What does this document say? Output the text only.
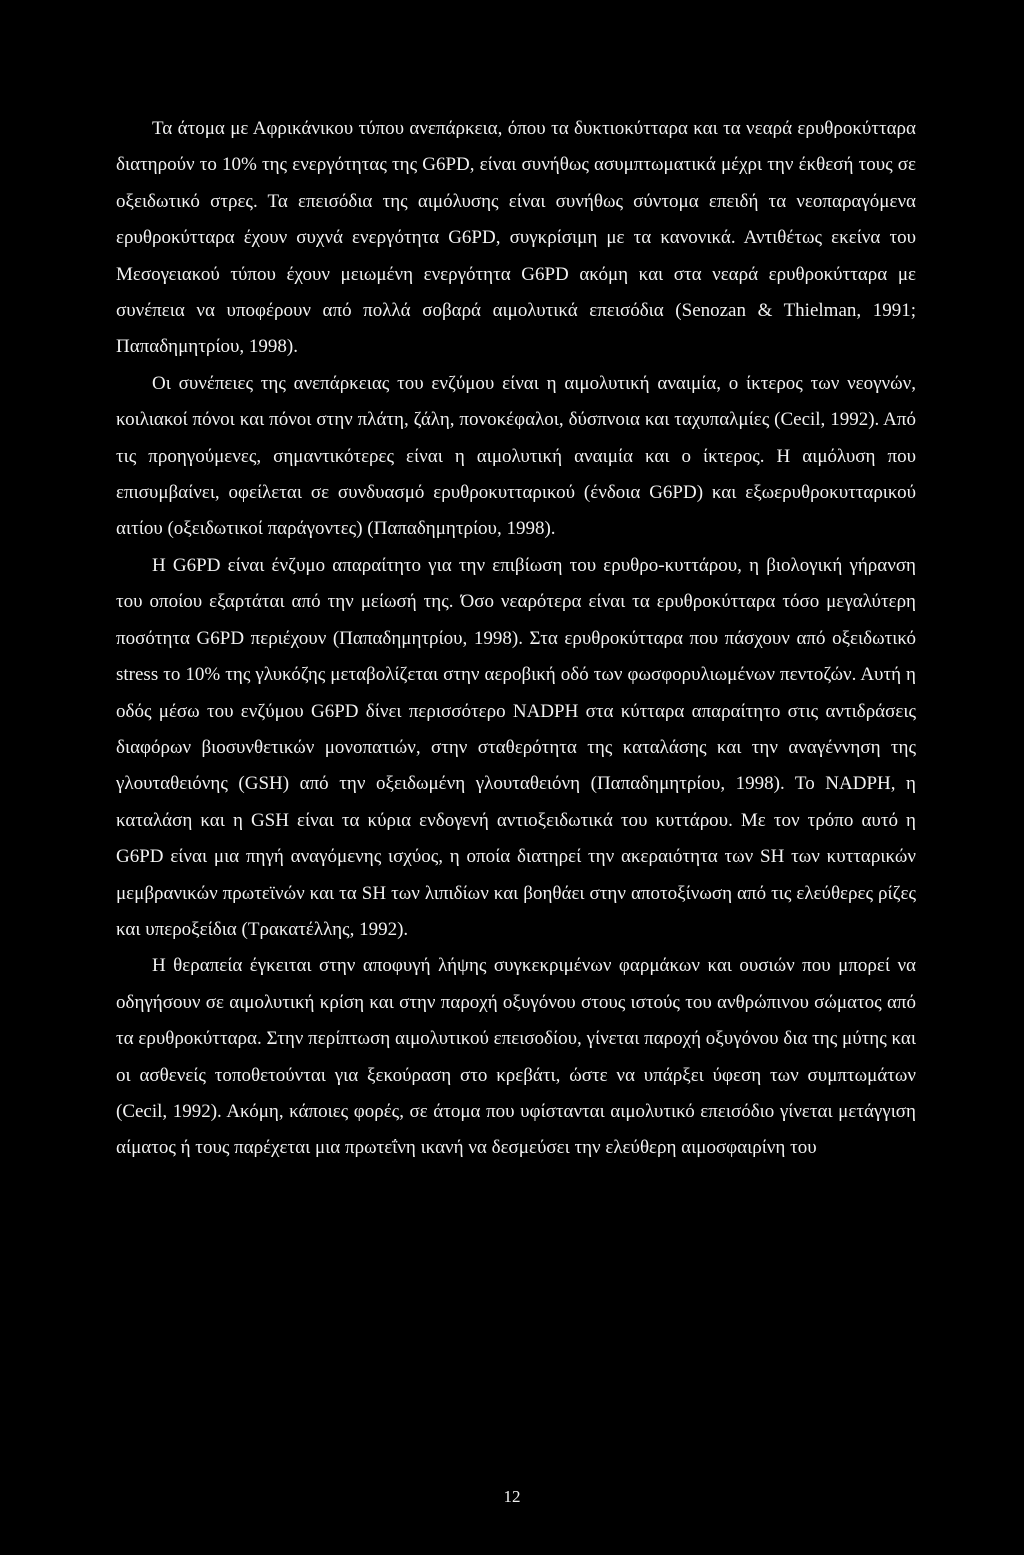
Τα άτομα με Αφρικάνικου τύπου ανεπάρκεια, όπου τα δυκτιοκύτταρα και τα νεαρά ερυθροκύτταρα διατηρούν το 10% της ενεργότητας της G6PD, είναι συνήθως ασυμπτωματικά μέχρι την έκθεσή τους σε οξειδωτικό στρες. Τα επεισόδια της αιμόλυσης είναι συνήθως σύντομα επειδή τα νεοπαραγόμενα ερυθροκύτταρα έχουν συχνά ενεργότητα G6PD, συγκρίσιμη με τα κανονικά. Αντιθέτως εκείνα του Μεσογειακού τύπου έχουν μειωμένη ενεργότητα G6PD ακόμη και στα νεαρά ερυθροκύτταρα με συνέπεια να υποφέρουν από πολλά σοβαρά αιμολυτικά επεισόδια (Senozan & Thielman, 1991; Παπαδημητρίου, 1998).

Οι συνέπειες της ανεπάρκειας του ενζύμου είναι η αιμολυτική αναιμία, ο ίκτερος των νεογνών, κοιλιακοί πόνοι και πόνοι στην πλάτη, ζάλη, πονοκέφαλοι, δύσπνοια και ταχυπαλμίες (Cecil, 1992). Από τις προηγούμενες, σημαντικότερες είναι η αιμολυτική αναιμία και ο ίκτερος. Η αιμόλυση που επισυμβαίνει, οφείλεται σε συνδυασμό ερυθροκυτταρικού (ένδοια G6PD) και εξωερυθροκυτταρικού αιτίου (οξειδωτικοί παράγοντες) (Παπαδημητρίου, 1998).

Η G6PD είναι ένζυμο απαραίτητο για την επιβίωση του ερυθρο-κυττάρου, η βιολογική γήρανση του οποίου εξαρτάται από την μείωσή της. Όσο νεαρότερα είναι τα ερυθροκύτταρα τόσο μεγαλύτερη ποσότητα G6PD περιέχουν (Παπαδημητρίου, 1998). Στα ερυθροκύτταρα που πάσχουν από οξειδωτικό stress το 10% της γλυκόζης μεταβολίζεται στην αεροβική οδό των φωσφορυλιωμένων πεντοζών. Αυτή η οδός μέσω του ενζύμου G6PD δίνει περισσότερο NADPH στα κύτταρα απαραίτητο στις αντιδράσεις διαφόρων βιοσυνθετικών μονοπατιών, στην σταθερότητα της καταλάσης και την αναγέννηση της γλουταθειόνης (GSH) από την οξειδωμένη γλουταθειόνη (Παπαδημητρίου, 1998). Το NADPH, η καταλάση και η GSH είναι τα κύρια ενδογενή αντιοξειδωτικά του κυττάρου. Με τον τρόπο αυτό η G6PD είναι μια πηγή αναγόμενης ισχύος, η οποία διατηρεί την ακεραιότητα των SH των κυτταρικών μεμβρανικών πρωτεϊνών και τα SH των λιπιδίων και βοηθάει στην αποτοξίνωση από τις ελεύθερες ρίζες και υπεροξείδια (Τρακατέλλης, 1992).

Η θεραπεία έγκειται στην αποφυγή λήψης συγκεκριμένων φαρμάκων και ουσιών που μπορεί να οδηγήσουν σε αιμολυτική κρίση και στην παροχή οξυγόνου στους ιστούς του ανθρώπινου σώματος από τα ερυθροκύτταρα. Στην περίπτωση αιμολυτικού επεισοδίου, γίνεται παροχή οξυγόνου δια της μύτης και οι ασθενείς τοποθετούνται για ξεκούραση στο κρεβάτι, ώστε να υπάρξει ύφεση των συμπτωμάτων (Cecil, 1992). Ακόμη, κάποιες φορές, σε άτομα που υφίστανται αιμολυτικό επεισόδιο γίνεται μετάγγιση αίματος ή τους παρέχεται μια πρωτεΐνη ικανή να δεσμεύσει την ελεύθερη αιμοσφαιρίνη του

12
